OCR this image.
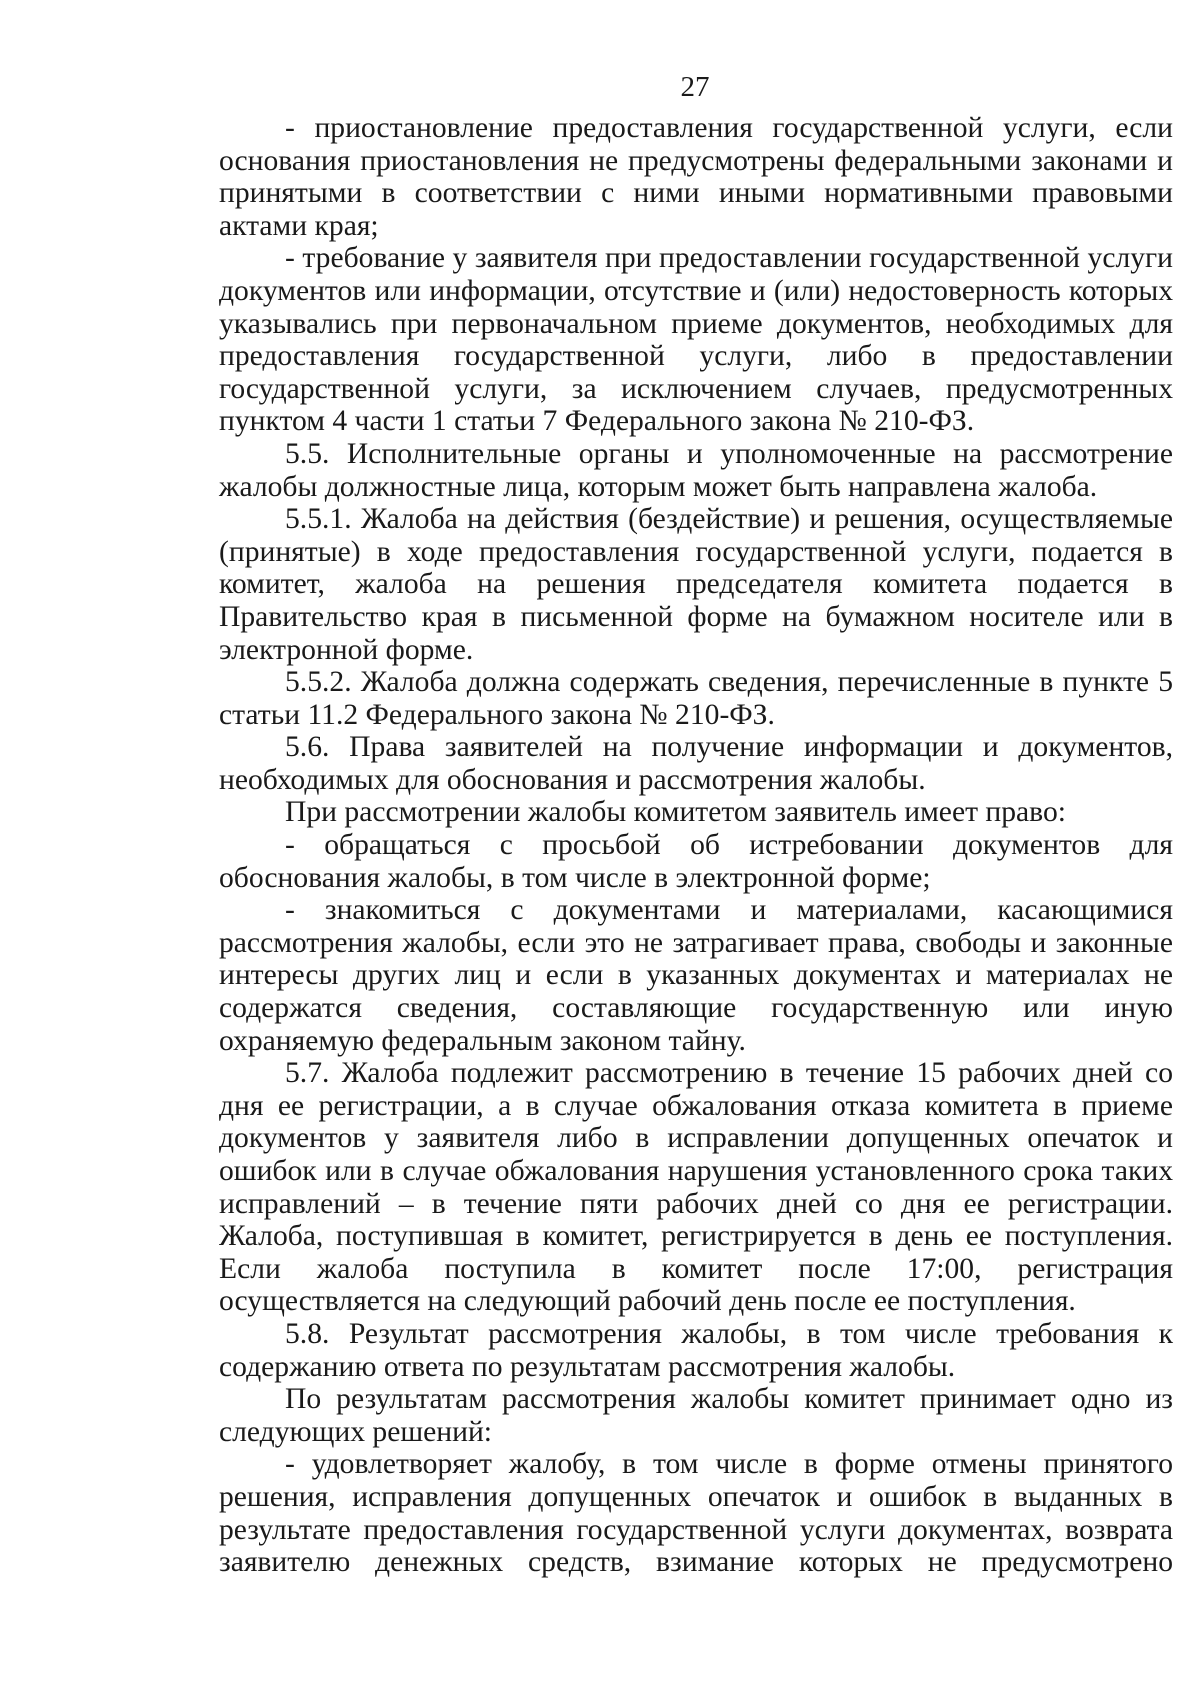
27

- приостановление предоставления государственной услуги, если основания приостановления не предусмотрены федеральными законами и принятыми в соответствии с ними иными нормативными правовыми актами края;

- требование у заявителя при предоставлении государственной услуги документов или информации, отсутствие и (или) недостоверность которых указывались при первоначальном приеме документов, необходимых для предоставления государственной услуги, либо в предоставлении государственной услуги, за исключением случаев, предусмотренных пунктом 4 части 1 статьи 7 Федерального закона № 210-ФЗ.

5.5. Исполнительные органы и уполномоченные на рассмотрение жалобы должностные лица, которым может быть направлена жалоба.

5.5.1. Жалоба на действия (бездействие) и решения, осуществляемые (принятые) в ходе предоставления государственной услуги, подается в комитет, жалоба на решения председателя комитета подается в Правительство края в письменной форме на бумажном носителе или в электронной форме.

5.5.2. Жалоба должна содержать сведения, перечисленные в пункте 5 статьи 11.2 Федерального закона № 210-ФЗ.

5.6. Права заявителей на получение информации и документов, необходимых для обоснования и рассмотрения жалобы.

При рассмотрении жалобы комитетом заявитель имеет право:

- обращаться с просьбой об истребовании документов для обоснования жалобы, в том числе в электронной форме;

- знакомиться с документами и материалами, касающимися рассмотрения жалобы, если это не затрагивает права, свободы и законные интересы других лиц и если в указанных документах и материалах не содержатся сведения, составляющие государственную или иную охраняемую федеральным законом тайну.

5.7. Жалоба подлежит рассмотрению в течение 15 рабочих дней со дня ее регистрации, а в случае обжалования отказа комитета в приеме документов у заявителя либо в исправлении допущенных опечаток и ошибок или в случае обжалования нарушения установленного срока таких исправлений – в течение пяти рабочих дней со дня ее регистрации. Жалоба, поступившая в комитет, регистрируется в день ее поступления. Если жалоба поступила в комитет после 17:00, регистрация осуществляется на следующий рабочий день после ее поступления.

5.8. Результат рассмотрения жалобы, в том числе требования к содержанию ответа по результатам рассмотрения жалобы.

По результатам рассмотрения жалобы комитет принимает одно из следующих решений:

- удовлетворяет жалобу, в том числе в форме отмены принятого решения, исправления допущенных опечаток и ошибок в выданных в результате предоставления государственной услуги документах, возврата заявителю денежных средств, взимание которых не предусмотрено
